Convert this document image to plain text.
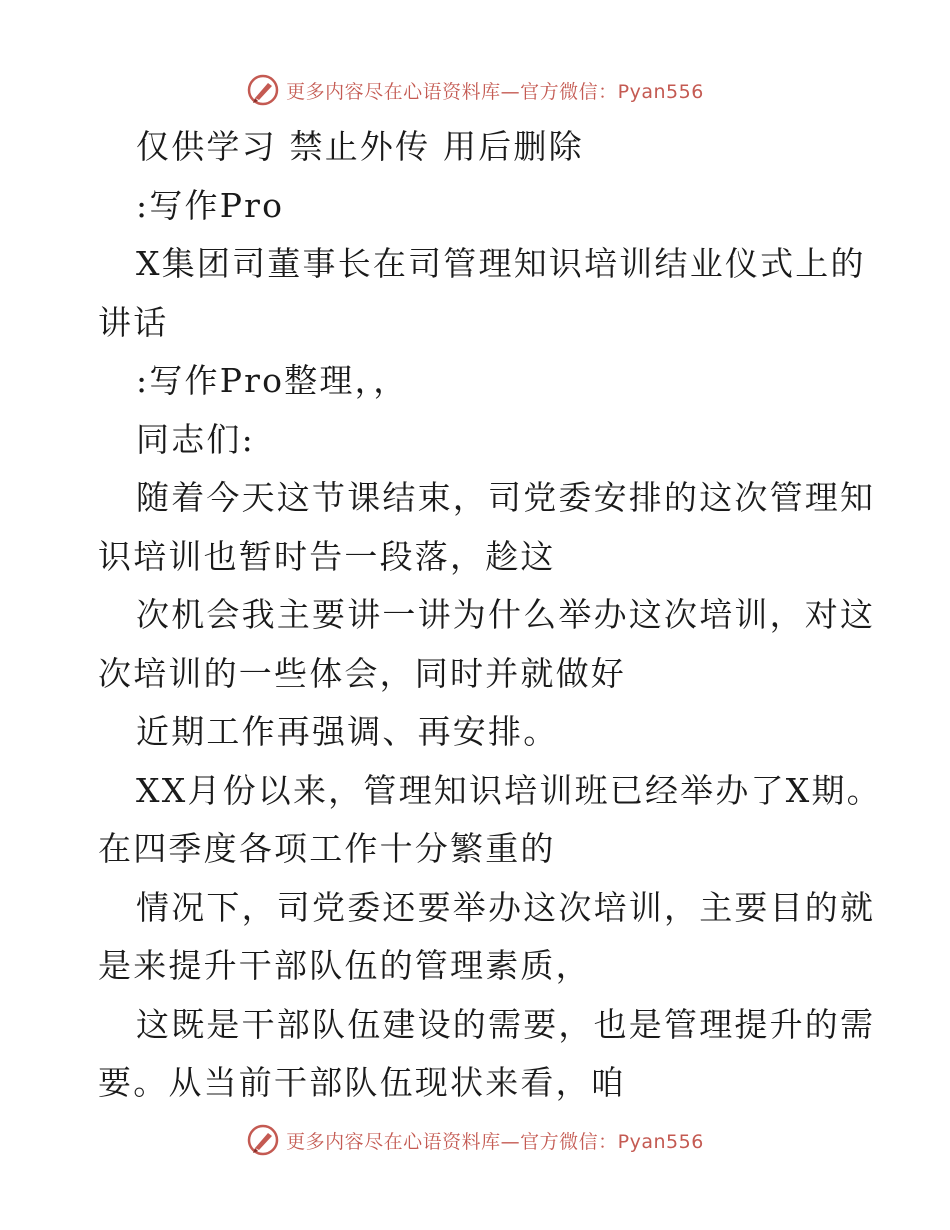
更多内容尽在心语资料库—官方微信：Pyan556

仅供学习 禁止外传 用后删除

:写作Pro

X集团司董事长在司管理知识培训结业仪式上的

讲话

:写作Pro整理，，

同志们:

随着今天这节课结束，司党委安排的这次管理知

识培训也暂时告一段落，趁这

次机会我主要讲一讲为什么举办这次培训，对这

次培训的一些体会，同时并就做好

近期工作再强调、再安排。

XX月份以来，管理知识培训班已经举办了X期。

在四季度各项工作十分繁重的

情况下，司党委还要举办这次培训，主要目的就

是来提升干部队伍的管理素质，

这既是干部队伍建设的需要，也是管理提升的需

要。从当前干部队伍现状来看，咱

更多内容尽在心语资料库—官方微信：Pyan556
